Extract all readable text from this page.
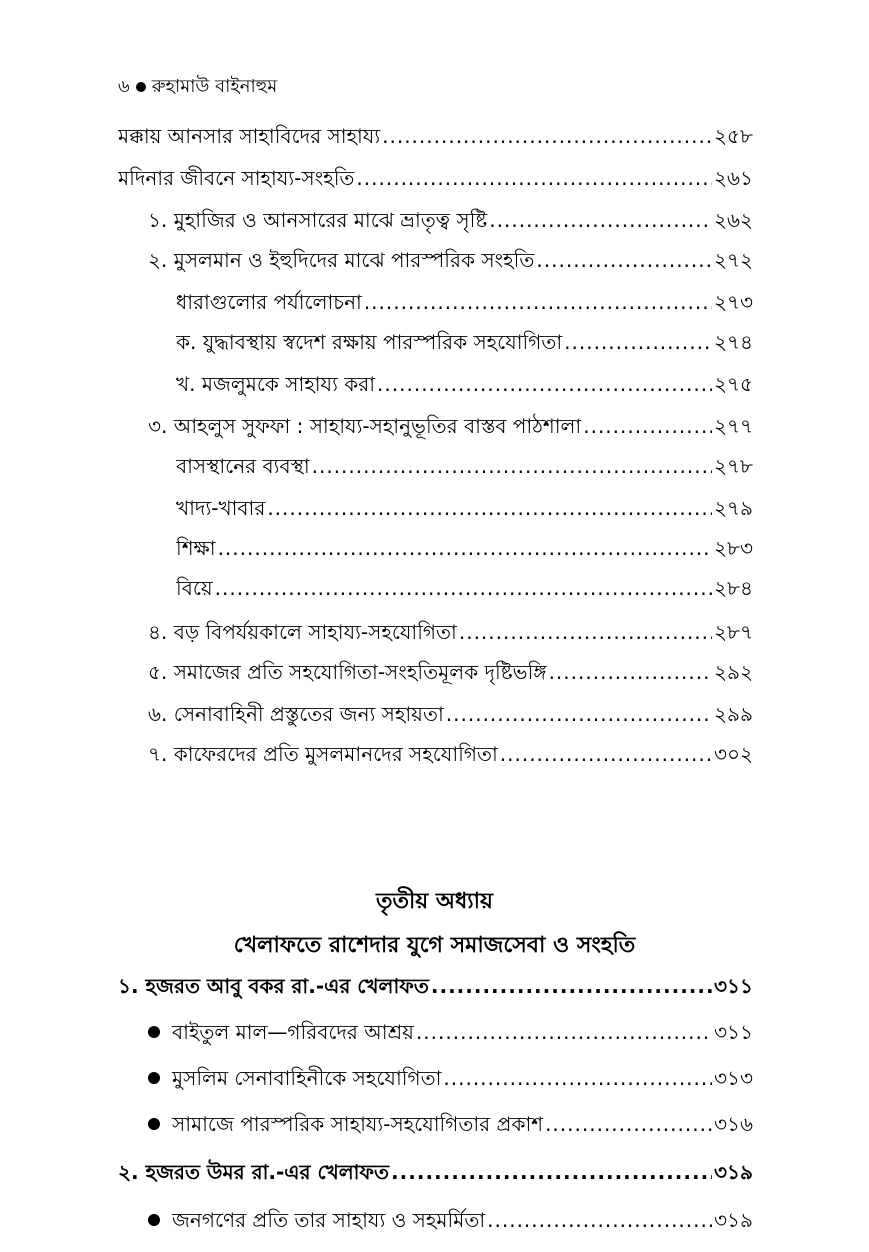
৬ রুহামাউ বাইনাহুম
মক্কায় আনসার সাহাবিদের সাহায্য .....	২৫৮
মদিনার জীবনে সাহায্য-সংহতি .....	২৬১
১. মুহাজির ও আনসারের মাঝে ভ্রাতৃত্ব সৃষ্টি .....	২৬২
২. মুসলমান ও ইহুদিদের মাঝে পারস্পরিক সংহতি .....	২৭২
ধারাগুলোর পর্যালোচনা .....	২৭৩
ক. যুদ্ধাবস্থায় স্বদেশ রক্ষায় পারস্পরিক সহযোগিতা .....	২৭৪
খ. মজলুমকে সাহায্য করা .....	২৭৫
৩. আহলুস সুফফা : সাহায্য-সহানুভূতির বাস্তব পাঠশালা .....	২৭৭
বাসস্থানের ব্যবস্থা .....	২৭৮
খাদ্য-খাবার .....	২৭৯
শিক্ষা .....	২৮৩
বিয়ে .....	২৮৪
৪. বড় বিপর্যয়কালে সাহায্য-সহযোগিতা .....	২৮৭
৫. সমাজের প্রতি সহযোগিতা-সংহতিমূলক দৃষ্টিভঙ্গি .....	২৯২
৬. সেনাবাহিনী প্রস্তুতের জন্য সহায়তা .....	২৯৯
৭. কাফেরদের প্রতি মুসলমানদের সহযোগিতা .....	৩০২
তৃতীয় অধ্যায়
খেলাফতে রাশেদার যুগে সমাজসেবা ও সংহতি
১. হজরত আবু বকর রা.-এর খেলাফত .....	৩১১
বাইতুল মাল—গরিবদের আশ্রয় .....	৩১১
মুসলিম সেনাবাহিনীকে সহযোগিতা .....	৩১৩
সামাজে পারস্পরিক সাহায্য-সহযোগিতার প্রকাশ .....	৩১৬
২. হজরত উমর রা.-এর খেলাফত .....	৩১৯
জনগণের প্রতি তার সাহায্য ও সহমর্মিতা .....	৩১৯
